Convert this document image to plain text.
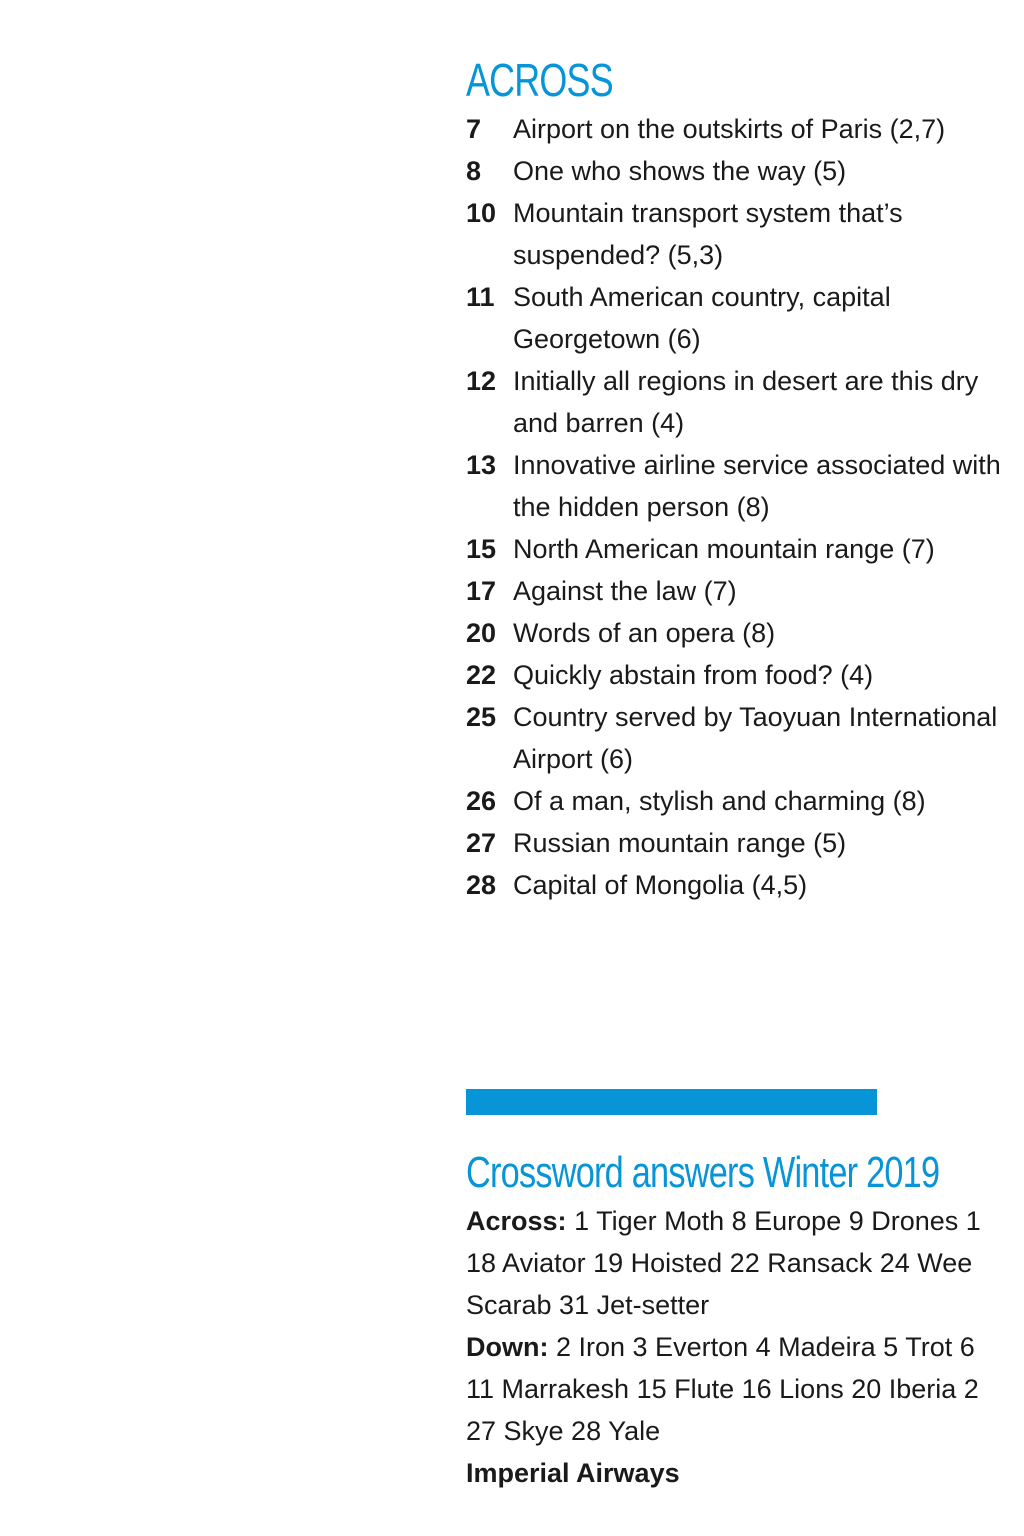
ACROSS
7	Airport on the outskirts of Paris (2,7)
8	One who shows the way (5)
10 Mountain transport system that’s suspended? (5,3)
11 South American country, capital Georgetown (6)
12 Initially all regions in desert are this dry and barren (4)
13 Innovative airline service associated with the hidden person (8)
15 North American mountain range (7)
17 Against the law (7)
20 Words of an opera (8)
22 Quickly abstain from food? (4)
25 Country served by Taoyuan International Airport (6)
26 Of a man, stylish and charming (8)
27 Russian mountain range (5)
28 Capital of Mongolia (4,5)
Crossword answers Winter 2019
Across: 1 Tiger Moth 8 Europe 9 Drones 1
18 Aviator 19 Hoisted 22 Ransack 24 Wee
Scarab 31 Jet-setter
Down: 2 Iron 3 Everton 4 Madeira 5 Trot 6
11 Marrakesh 15 Flute 16 Lions 20 Iberia 2
27 Skye 28 Yale
Imperial Airways
